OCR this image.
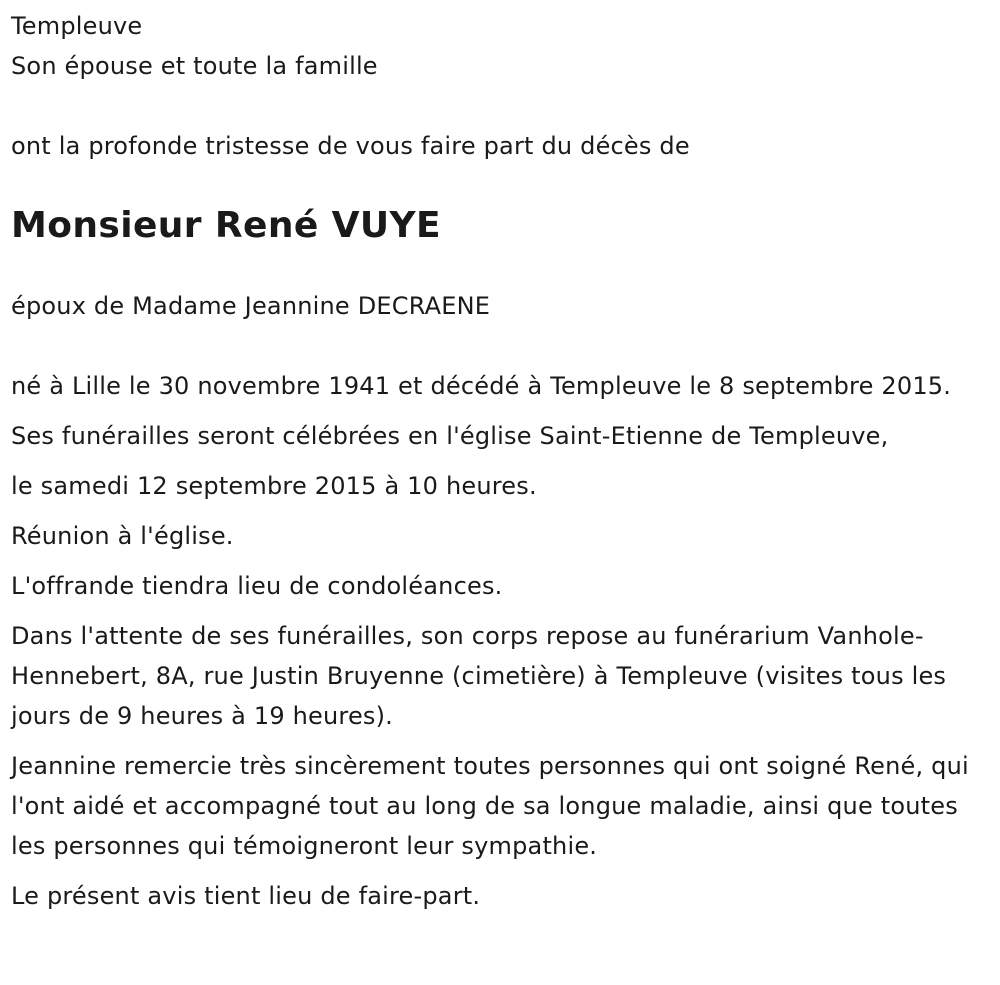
Templeuve
Son épouse et toute la famille
ont la profonde tristesse de vous faire part du décès de
Monsieur René VUYE
époux de Madame Jeannine DECRAENE

né à Lille le 30 novembre 1941 et décédé à Templeuve le 8 septembre 2015.

Ses funérailles seront célébrées en l'église Saint-Etienne de Templeuve,

le samedi 12 septembre 2015 à 10 heures.

Réunion à l'église.

L'offrande tiendra lieu de condoléances.

Dans l'attente de ses funérailles, son corps repose au funérarium Vanhole-Hennebert, 8A, rue Justin Bruyenne (cimetière) à Templeuve (visites tous les jours de 9 heures à 19 heures).

Jeannine remercie très sincèrement toutes personnes qui ont soigné René, qui l'ont aidé et accompagné tout au long de sa longue maladie, ainsi que toutes les personnes qui témoigneront leur sympathie.

Le présent avis tient lieu de faire-part.
